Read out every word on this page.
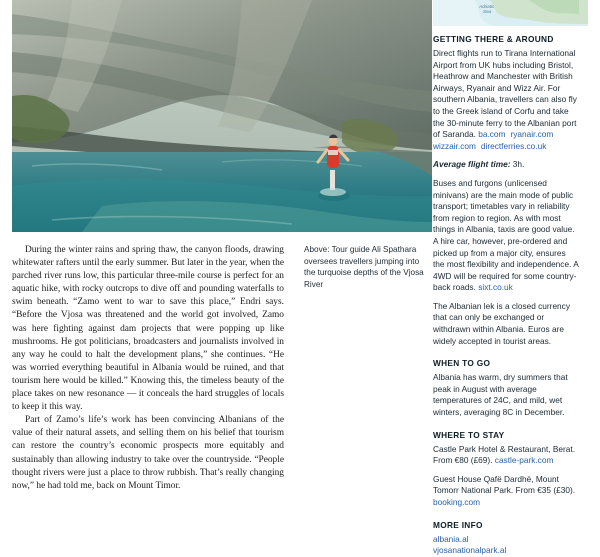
During the winter rains and spring thaw, the canyon floods, drawing whitewater rafters until the early summer. But later in the year, when the parched river runs low, this particular three-mile course is perfect for an aquatic hike, with rocky outcrops to dive off and pounding waterfalls to swim beneath. “Zamo went to war to save this place,” Endri says. “Before the Vjosa was threatened and the world got involved, Zamo was here fighting against dam projects that were popping up like mushrooms. He got politicians, broadcasters and journalists involved in any way he could to halt the development plans,” she continues. “He was worried everything beautiful in Albania would be ruined, and that tourism here would be killed.” Knowing this, the timeless beauty of the place takes on new resonance — it conceals the hard struggles of locals to keep it this way.

Part of Zamo’s life’s work has been convincing Albanians of the value of their natural assets, and selling them on his belief that tourism can restore the country’s economic prospects more equitably and sustainably than allowing industry to take over the countryside. “People thought rivers were just a place to throw rubbish. That’s really changing now,” he had told me, back on Mount Timor.

Above: Tour guide Ali Spathara oversees travellers jumping into the turquoise depths of the Vjosa River
Adriatic
Sea
GETTING THERE & AROUND

Direct flights run to Tirana International Airport from UK hubs including Bristol, Heathrow and Manchester with British Airways, Ryanair and Wizz Air. For southern Albania, travellers can also fly to the Greek island of Corfu and take the 30-minute ferry to the Albanian port of Saranda. ba.com ryanair.com wizzair.com directferries.co.uk

Average flight time: 3h.

Buses and furgons (unlicensed minivans) are the main mode of public transport; timetables vary in reliability from region to region. As with most things in Albania, taxis are good value. A hire car, however, pre-ordered and picked up from a major city, ensures the most flexibility and independence. A 4WD will be required for some country-back roads. sixt.co.uk

The Albanian lek is a closed currency that can only be exchanged or withdrawn within Albania. Euros are widely accepted in tourist areas.

WHEN TO GO

Albania has warm, dry summers that peak in August with average temperatures of 24C, and mild, wet winters, averaging 8C in December.

WHERE TO STAY

Castle Park Hotel & Restaurant, Berat. From €80 (£69). castle-park.com

Guest House Qafë Dardhë, Mount Tomorr National Park. From €35 (£30). booking.com

MORE INFO

albania.al
vjosanationalpark.al
